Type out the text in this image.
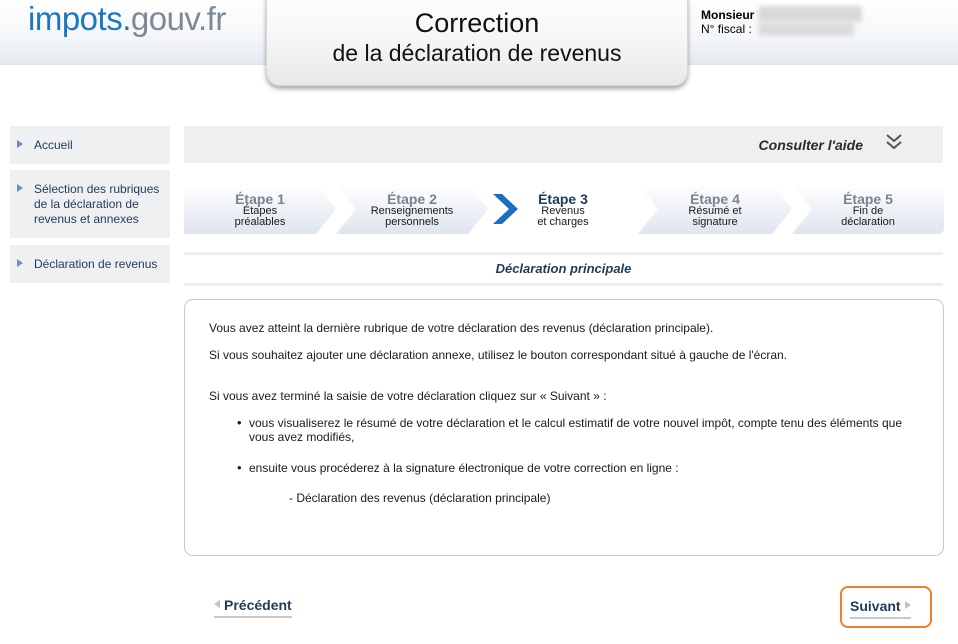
impots.gouv.fr	Correction
de la déclaration de revenus
Monsieur
N° fiscal :
Accueil
Sélection des rubriques de la déclaration de revenus et annexes
Déclaration de revenus
Consulter l'aide
Étape 1
Étapes
préalables
Étape 2
Renseignements
personnels
Étape 3
Revenus
et charges
Étape 4
Résumé et
signature
Étape 5
Fin de
déclaration
Déclaration principale
Vous avez atteint la dernière rubrique de votre déclaration des revenus (déclaration principale).
Si vous souhaitez ajouter une déclaration annexe, utilisez le bouton correspondant situé à gauche de l'écran.
Si vous avez terminé la saisie de votre déclaration cliquez sur « Suivant » :
• vous visualiserez le résumé de votre déclaration et le calcul estimatif de votre nouvel impôt, compte tenu des éléments que vous avez modifiés,
• ensuite vous procéderez à la signature électronique de votre correction en ligne :
- Déclaration des revenus (déclaration principale)
Précédent	Suivant
